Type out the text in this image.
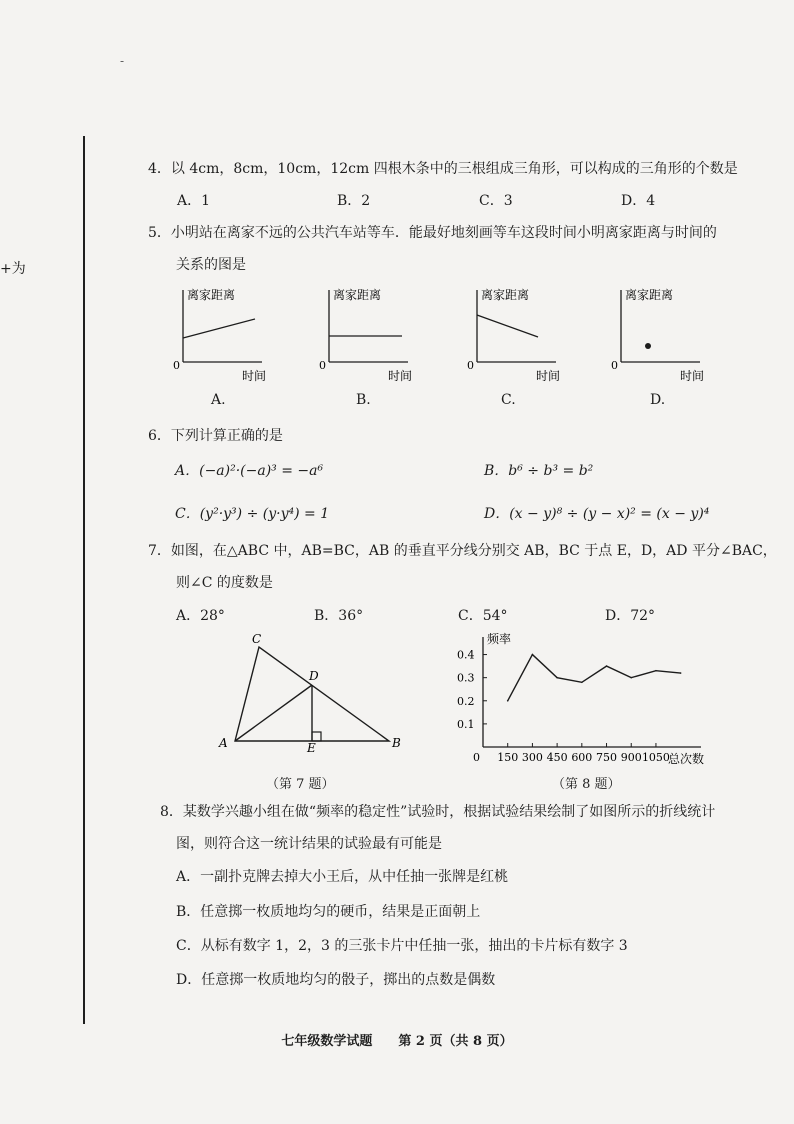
+为
-
4．以 4cm，8cm，10cm，12cm 四根木条中的三根组成三角形，可以构成的三角形的个数是
A．1	B．2	C．3	D．4
5．小明站在离家不远的公共汽车站等车．能最好地刻画等车这段时间小明离家距离与时间的
关系的图是
离家距离
0
时间
A.
离家距离
0
时间
B.
离家距离
0
时间
C.
离家距离
0
时间
D.
6．下列计算正确的是
A．(−a)²·(−a)³ = −a⁶	B．b⁶ ÷ b³ = b²
C．(y²·y³) ÷ (y·y⁴) = 1	D．(x − y)⁸ ÷ (y − x)² = (x − y)⁴
7．如图，在△ABC 中，AB=BC，AB 的垂直平分线分别交 AB，BC 于点 E，D，AD 平分∠BAC，
则∠C 的度数是
A．28°	B．36°	C．54°	D．72°
C
D
A	E	B
（第 7 题）
频率
总次数
0
0.1
0.2
0.3
0.4
150 300 450 600 750 900 1050
（第 8 题）
8．某数学兴趣小组在做“频率的稳定性”试验时，根据试验结果绘制了如图所示的折线统计
图，则符合这一统计结果的试验最有可能是
A．一副扑克牌去掉大小王后，从中任抽一张牌是红桃
B．任意掷一枚质地均匀的硬币，结果是正面朝上
C．从标有数字 1，2，3 的三张卡片中任抽一张，抽出的卡片标有数字 3
D．任意掷一枚质地均匀的骰子，掷出的点数是偶数
七年级数学试题　　第 2 页（共 8 页）
